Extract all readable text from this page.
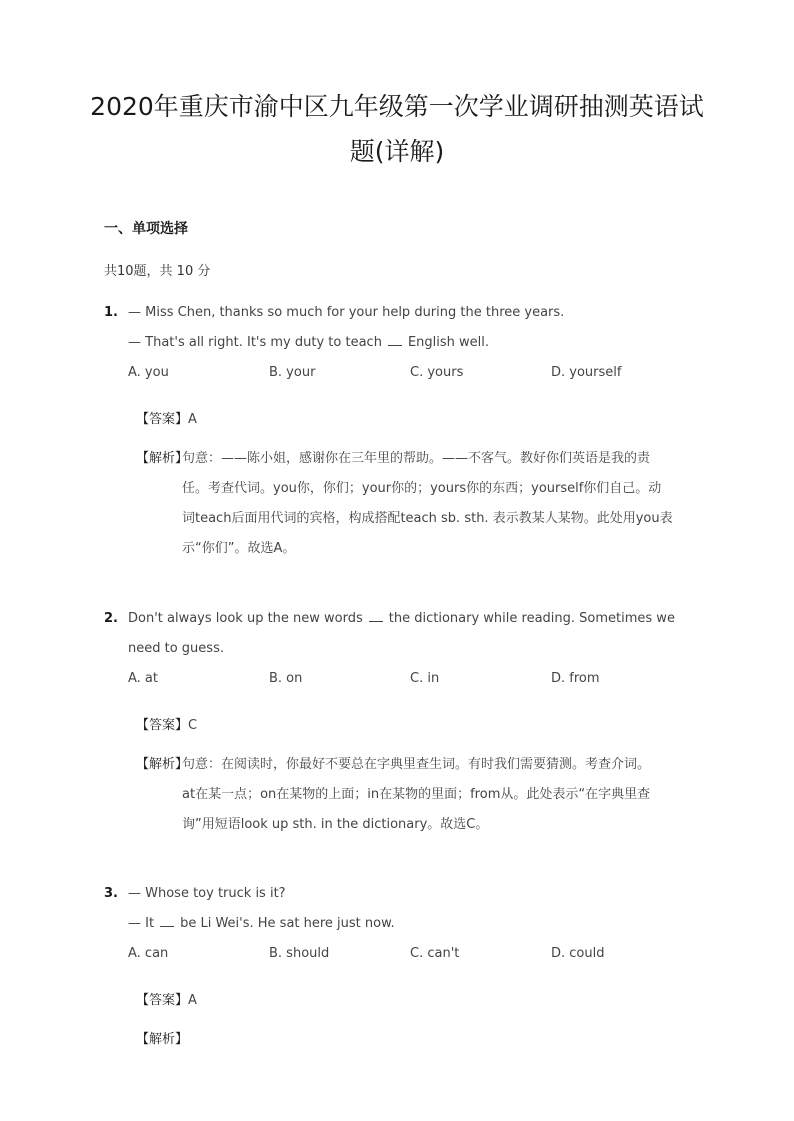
2020年重庆市渝中区九年级第一次学业调研抽测英语试
题(详解)
一、单项选择
共10题，共 10 分
1. — Miss Chen, thanks so much for your help during the three years.
— That's all right. It's my duty to teach English well.
A. you	B. your	C. yours	D. yourself
【答案】A
【解析】
句意：——陈小姐，感谢你在三年里的帮助。——不客气。教好你们英语是我的责
任。考查代词。you你，你们；your你的；yours你的东西；yourself你们自己。动
词teach后面用代词的宾格，构成搭配teach sb. sth. 表示教某人某物。此处用you表
示“你们”。故选A。
2. Don't always look up the new words the dictionary while reading. Sometimes we
need to guess.
A. at	B. on	C. in	D. from
【答案】C
【解析】
句意：在阅读时，你最好不要总在字典里查生词。有时我们需要猜测。考查介词。
at在某一点；on在某物的上面；in在某物的里面；from从。此处表示“在字典里查
询”用短语look up sth. in the dictionary。故选C。
3. — Whose toy truck is it?
— It be Li Wei's. He sat here just now.
A. can	B. should	C. can't	D. could
【答案】A
【解析】
